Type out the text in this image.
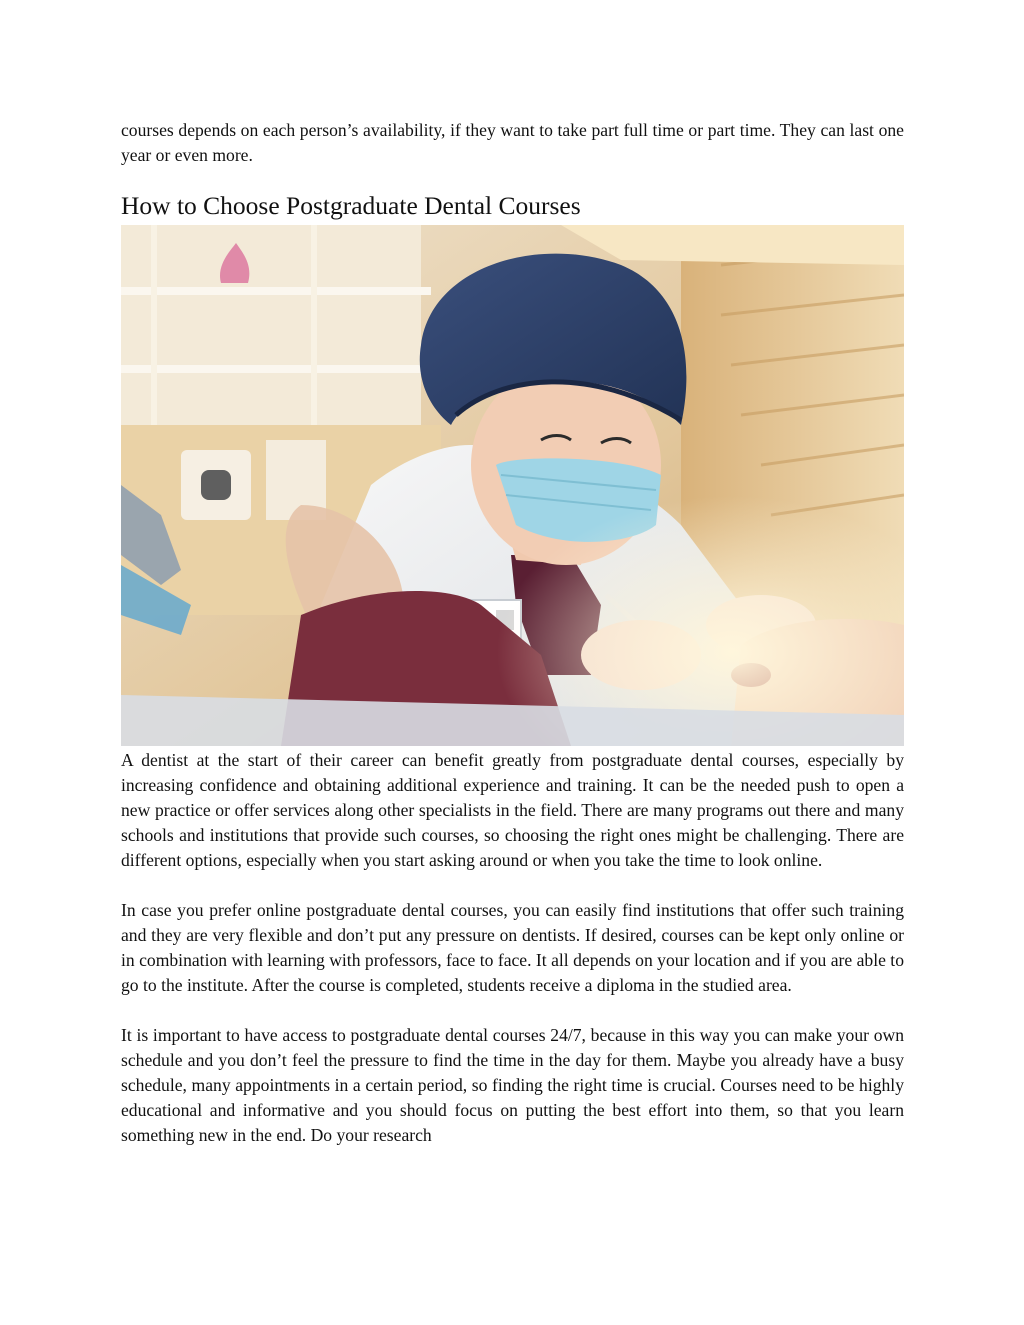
courses depends on each person’s availability, if they want to take part full time or part time. They can last one year or even more.

How to Choose Postgraduate Dental Courses

A dentist at the start of their career can benefit greatly from postgraduate dental courses, especially by increasing confidence and obtaining additional experience and training. It can be the needed push to open a new practice or offer services along other specialists in the field. There are many programs out there and many schools and institutions that provide such courses, so choosing the right ones might be challenging. There are different options, especially when you start asking around or when you take the time to look online.

In case you prefer online postgraduate dental courses, you can easily find institutions that offer such training and they are very flexible and don’t put any pressure on dentists. If desired, courses can be kept only online or in combination with learning with professors, face to face. It all depends on your location and if you are able to go to the institute. After the course is completed, students receive a diploma in the studied area.

It is important to have access to postgraduate dental courses 24/7, because in this way you can make your own schedule and you don’t feel the pressure to find the time in the day for them. Maybe you already have a busy schedule, many appointments in a certain period, so finding the right time is crucial. Courses need to be highly educational and informative and you should focus on putting the best effort into them, so that you learn something new in the end. Do your research
